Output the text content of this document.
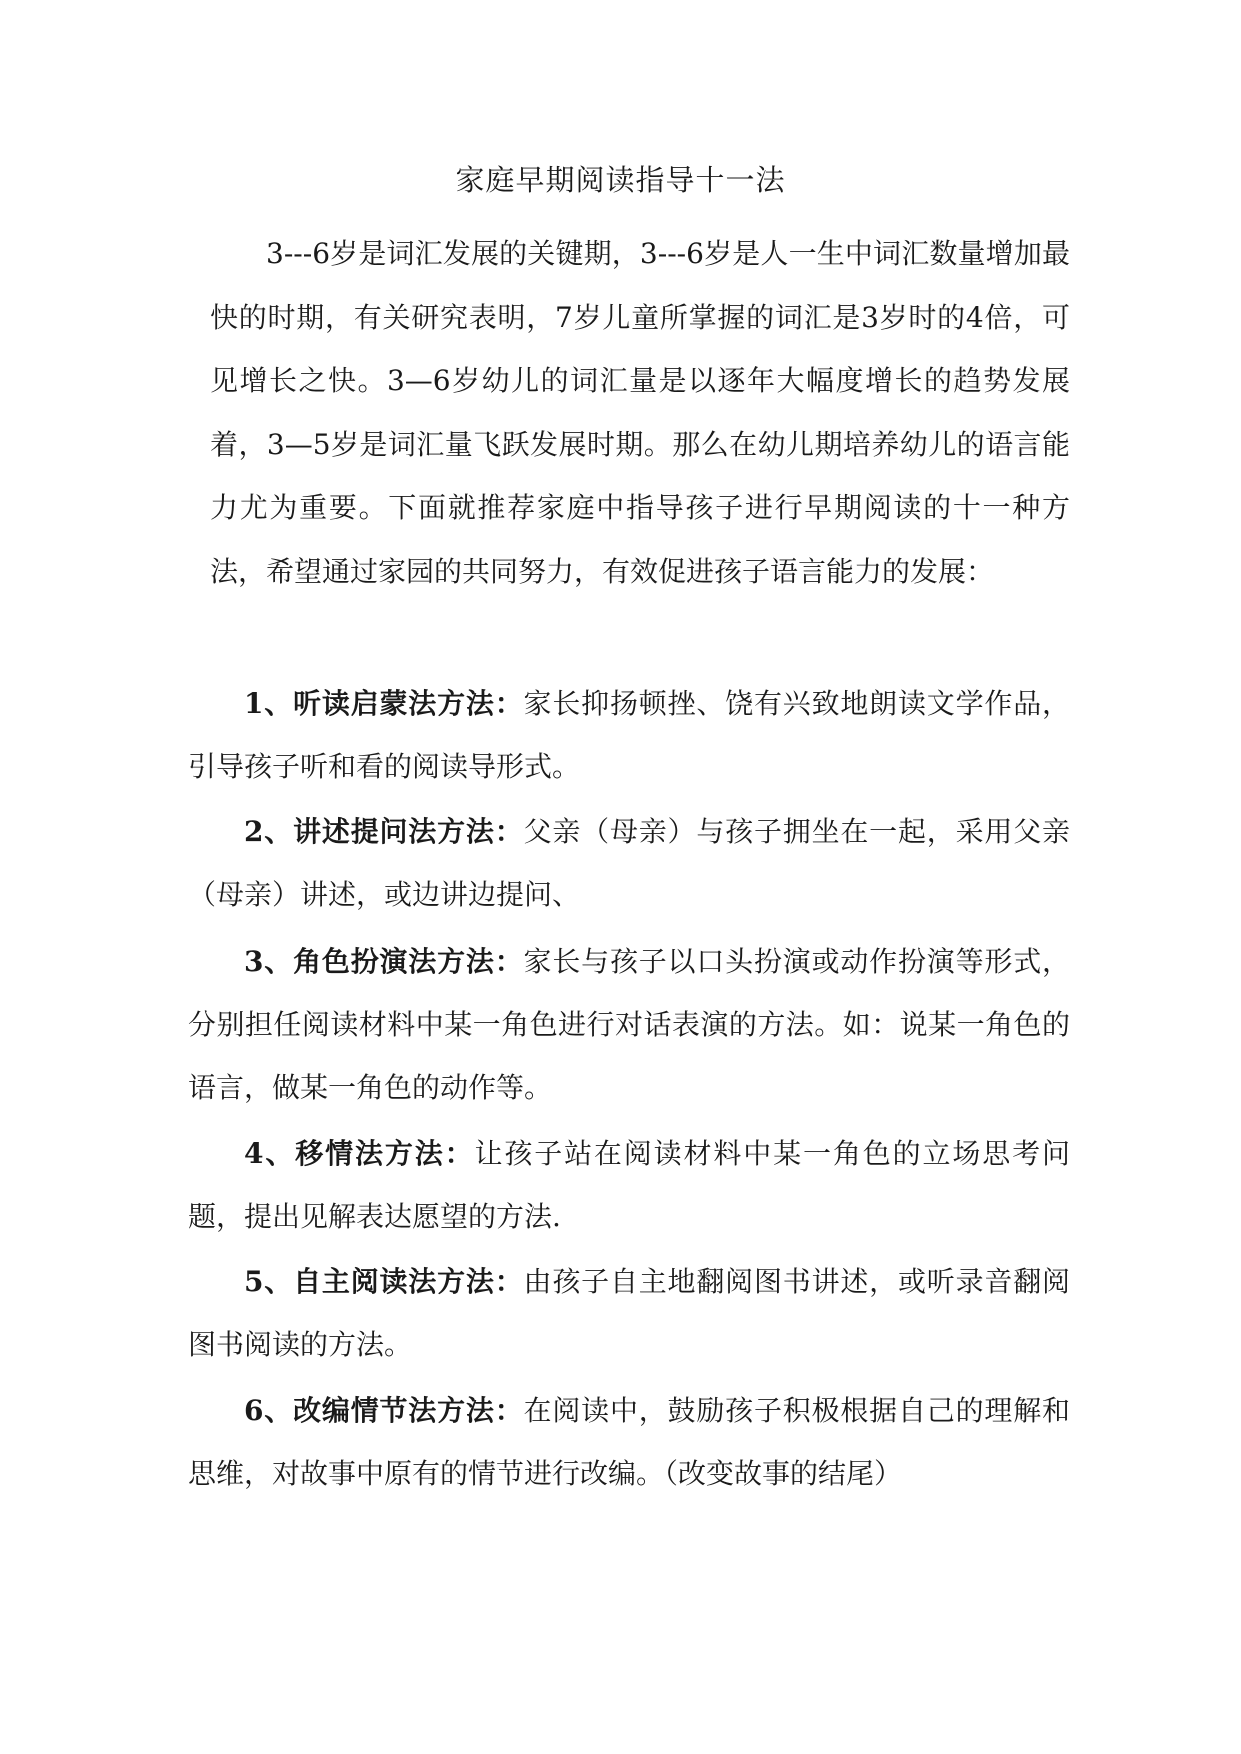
家庭早期阅读指导十一法

3---6岁是词汇发展的关键期，3---6岁是人一生中词汇数量增加最快的时期，有关研究表明，7岁儿童所掌握的词汇是3岁时的4倍，可见增长之快。3—6岁幼儿的词汇量是以逐年大幅度增长的趋势发展着，3—5岁是词汇量飞跃发展时期。那么在幼儿期培养幼儿的语言能力尤为重要。下面就推荐家庭中指导孩子进行早期阅读的十一种方法，希望通过家园的共同努力，有效促进孩子语言能力的发展：

1、听读启蒙法方法：家长抑扬顿挫、饶有兴致地朗读文学作品，引导孩子听和看的阅读导形式。

2、讲述提问法方法：父亲（母亲）与孩子拥坐在一起，采用父亲（母亲）讲述，或边讲边提问、

3、角色扮演法方法：家长与孩子以口头扮演或动作扮演等形式，分别担任阅读材料中某一角色进行对话表演的方法。如：说某一角色的语言，做某一角色的动作等。

4、移情法方法：让孩子站在阅读材料中某一角色的立场思考问题，提出见解表达愿望的方法.

5、自主阅读法方法：由孩子自主地翻阅图书讲述，或听录音翻阅图书阅读的方法。

6、改编情节法方法：在阅读中，鼓励孩子积极根据自己的理解和思维，对故事中原有的情节进行改编。（改变故事的结尾）
